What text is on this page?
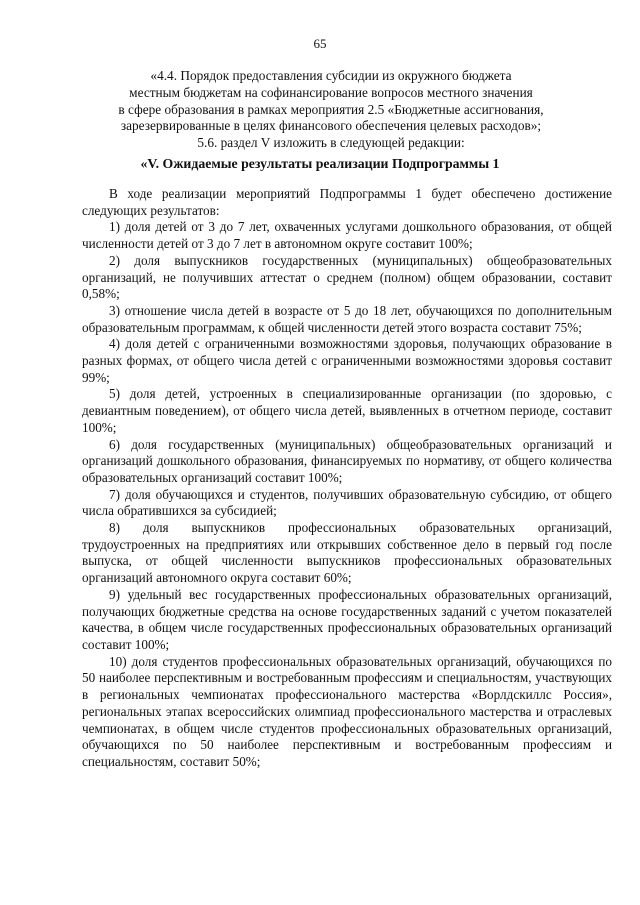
65

«4.4. Порядок предоставления субсидии из окружного бюджета

местным бюджетам на софинансирование вопросов местного значения

в сфере образования в рамках мероприятия 2.5 «Бюджетные ассигнования,

зарезервированные в целях финансового обеспечения целевых расходов»;

5.6. раздел V изложить в следующей редакции:

«V. Ожидаемые результаты реализации Подпрограммы 1

В ходе реализации мероприятий Подпрограммы 1 будет обеспечено достижение следующих результатов:

1) доля детей от 3 до 7 лет, охваченных услугами дошкольного образования, от общей численности детей от 3 до 7 лет в автономном округе составит 100%;

2) доля выпускников государственных (муниципальных) общеобразовательных организаций, не получивших аттестат о среднем (полном) общем образовании, составит 0,58%;

3) отношение числа детей в возрасте от 5 до 18 лет, обучающихся по дополнительным образовательным программам, к общей численности детей этого возраста составит 75%;

4) доля детей с ограниченными возможностями здоровья, получающих образование в разных формах, от общего числа детей с ограниченными возможностями здоровья составит 99%;

5) доля детей, устроенных в специализированные организации (по здоровью, с девиантным поведением), от общего числа детей, выявленных в отчетном периоде, составит 100%;

6) доля государственных (муниципальных) общеобразовательных организаций и организаций дошкольного образования, финансируемых по нормативу, от общего количества образовательных организаций составит 100%;

7) доля обучающихся и студентов, получивших образовательную субсидию, от общего числа обратившихся за субсидией;

8) доля выпускников профессиональных образовательных организаций, трудоустроенных на предприятиях или открывших собственное дело в первый год после выпуска, от общей численности выпускников профессиональных образовательных организаций автономного округа составит 60%;

9) удельный вес государственных профессиональных образовательных организаций, получающих бюджетные средства на основе государственных заданий с учетом показателей качества, в общем числе государственных профессиональных образовательных организаций составит 100%;

10) доля студентов профессиональных образовательных организаций, обучающихся по 50 наиболее перспективным и востребованным профессиям и специальностям, участвующих в региональных чемпионатах профессионального мастерства «Ворлдскиллс Россия», региональных этапах всероссийских олимпиад профессионального мастерства и отраслевых чемпионатах, в общем числе студентов профессиональных образовательных организаций, обучающихся по 50 наиболее перспективным и востребованным профессиям и специальностям, составит 50%;
